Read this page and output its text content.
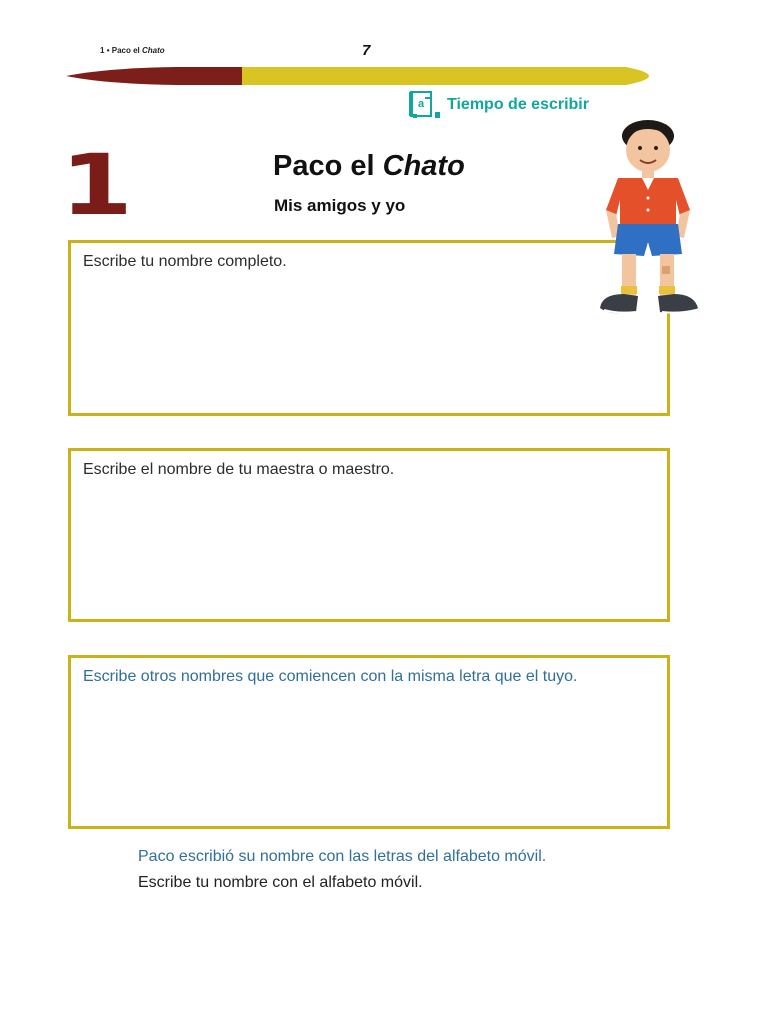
1 • Paco el Chato	7
a Tiempo de escribir
1	Paco el Chato
Mis amigos y yo
Escribe tu nombre completo.
Escribe el nombre de tu maestra o maestro.
Escribe otros nombres que comiencen con la misma letra que el tuyo.
Paco escribió su nombre con las letras del alfabeto móvil.
Escribe tu nombre con el alfabeto móvil.
